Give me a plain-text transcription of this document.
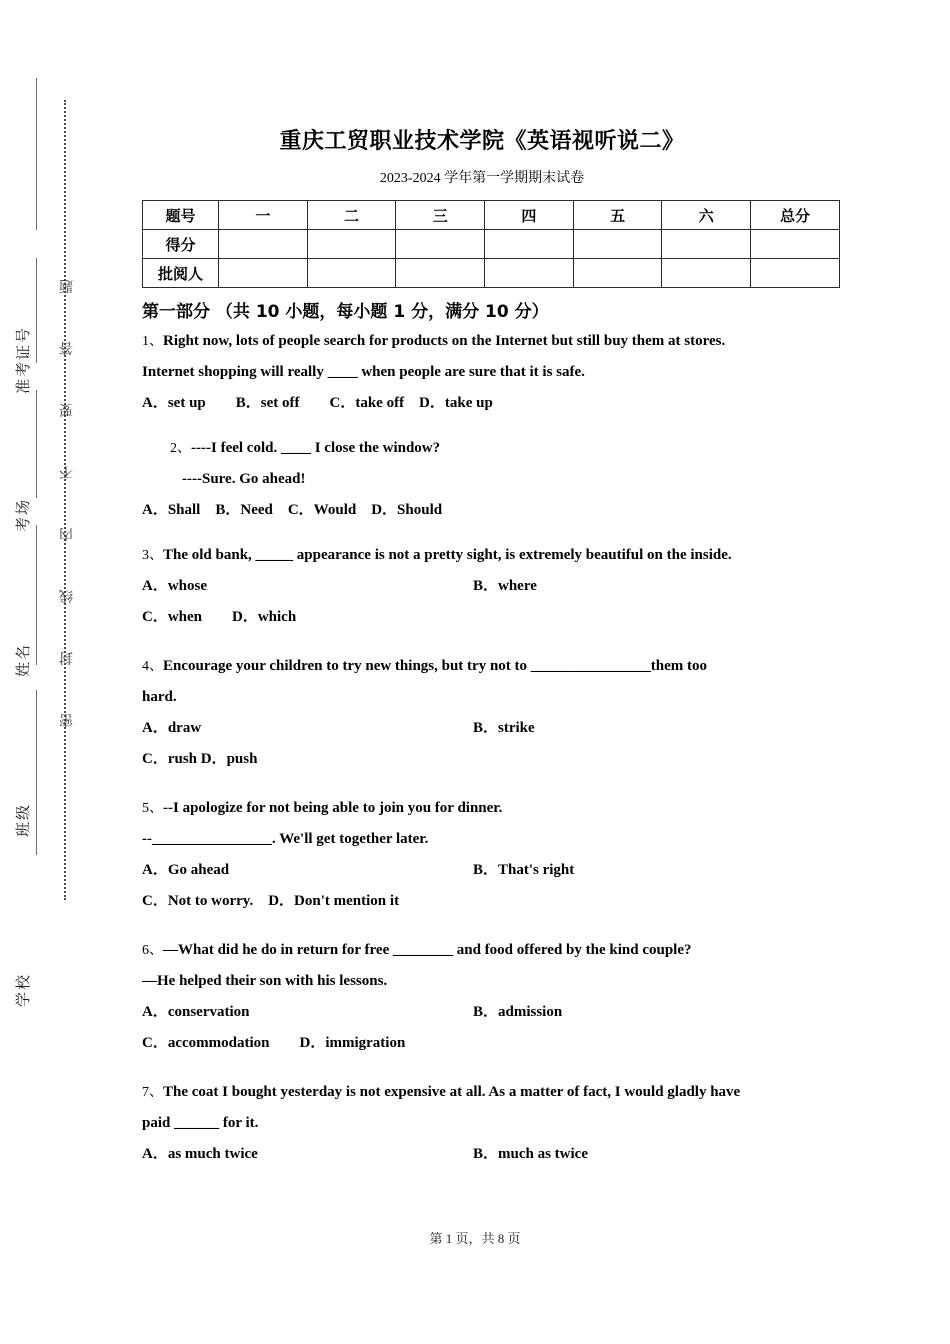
准考证号
考场
姓名
班级
学校
题
答
要
不
内
线
封
密
重庆工贸职业技术学院《英语视听说二》
2023-2024 学年第一学期期末试卷
题号	一	二	三	四	五	六	总分
得分							
批阅人							
第一部分 （共 10 小题，每小题 1 分，满分 10 分）
1、Right now, lots of people search for products on the Internet but still buy them at stores.
Internet shopping will really ____ when people are sure that it is safe.
A．set up　　B．set off　　C．take off　D．take up
2、----I feel cold. ____ I close the window?
----Sure. Go ahead!
A．Shall　B．Need　C．Would　D．Should
3、The old bank, _____ appearance is not a pretty sight, is extremely beautiful on the inside.
A．whose	B．where
C．when　　D．which
4、Encourage your children to try new things, but try not to ________________them too
hard.
A．draw	B．strike
C．rush D．push
5、--I apologize for not being able to join you for dinner.
--________________. We'll get together later.
A．Go ahead	B．That's right
C．Not to worry.　D．Don't mention it
6、—What did he do in return for free ________ and food offered by the kind couple?
—He helped their son with his lessons.
A．conservation	B．admission
C．accommodation　　D．immigration
7、The coat I bought yesterday is not expensive at all. As a matter of fact, I would gladly have
paid ______ for it.
A．as much twice	B．much as twice
第 1 页，共 8 页
